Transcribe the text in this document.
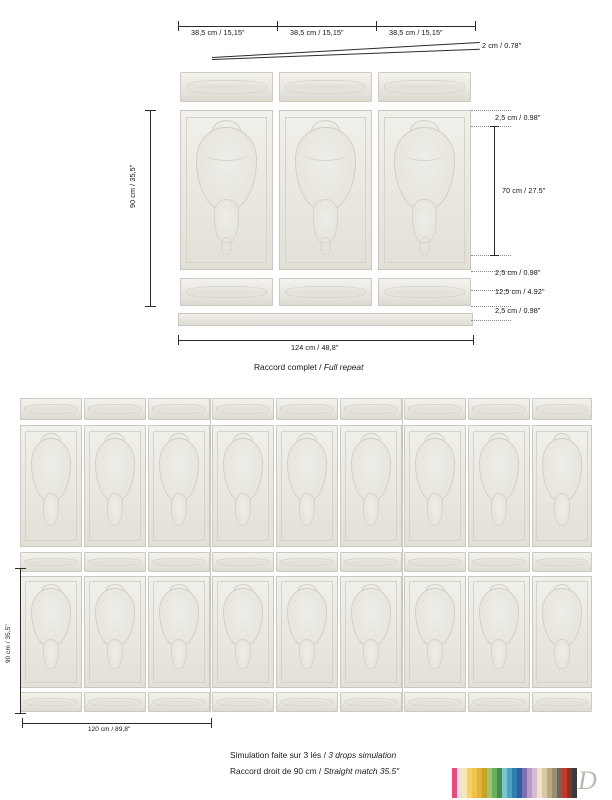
38,5 cm / 15,15"	38,5 cm / 15,15"	38,5 cm / 15,15"
2 cm / 0.78"
90 cm / 35,5"
2,5 cm / 0.98"
70 cm / 27.5"
2,5 cm / 0.98"
12,5 cm / 4.92"
2,5 cm / 0.98"
124 cm / 48,8"
Raccord complet / Full repeat
90 cm / 35,5"
120 cm / 89,8"
Simulation faite sur 3 lés / 3 drops simulation
Raccord droit de 90 cm / Straight match 35.5"	D
